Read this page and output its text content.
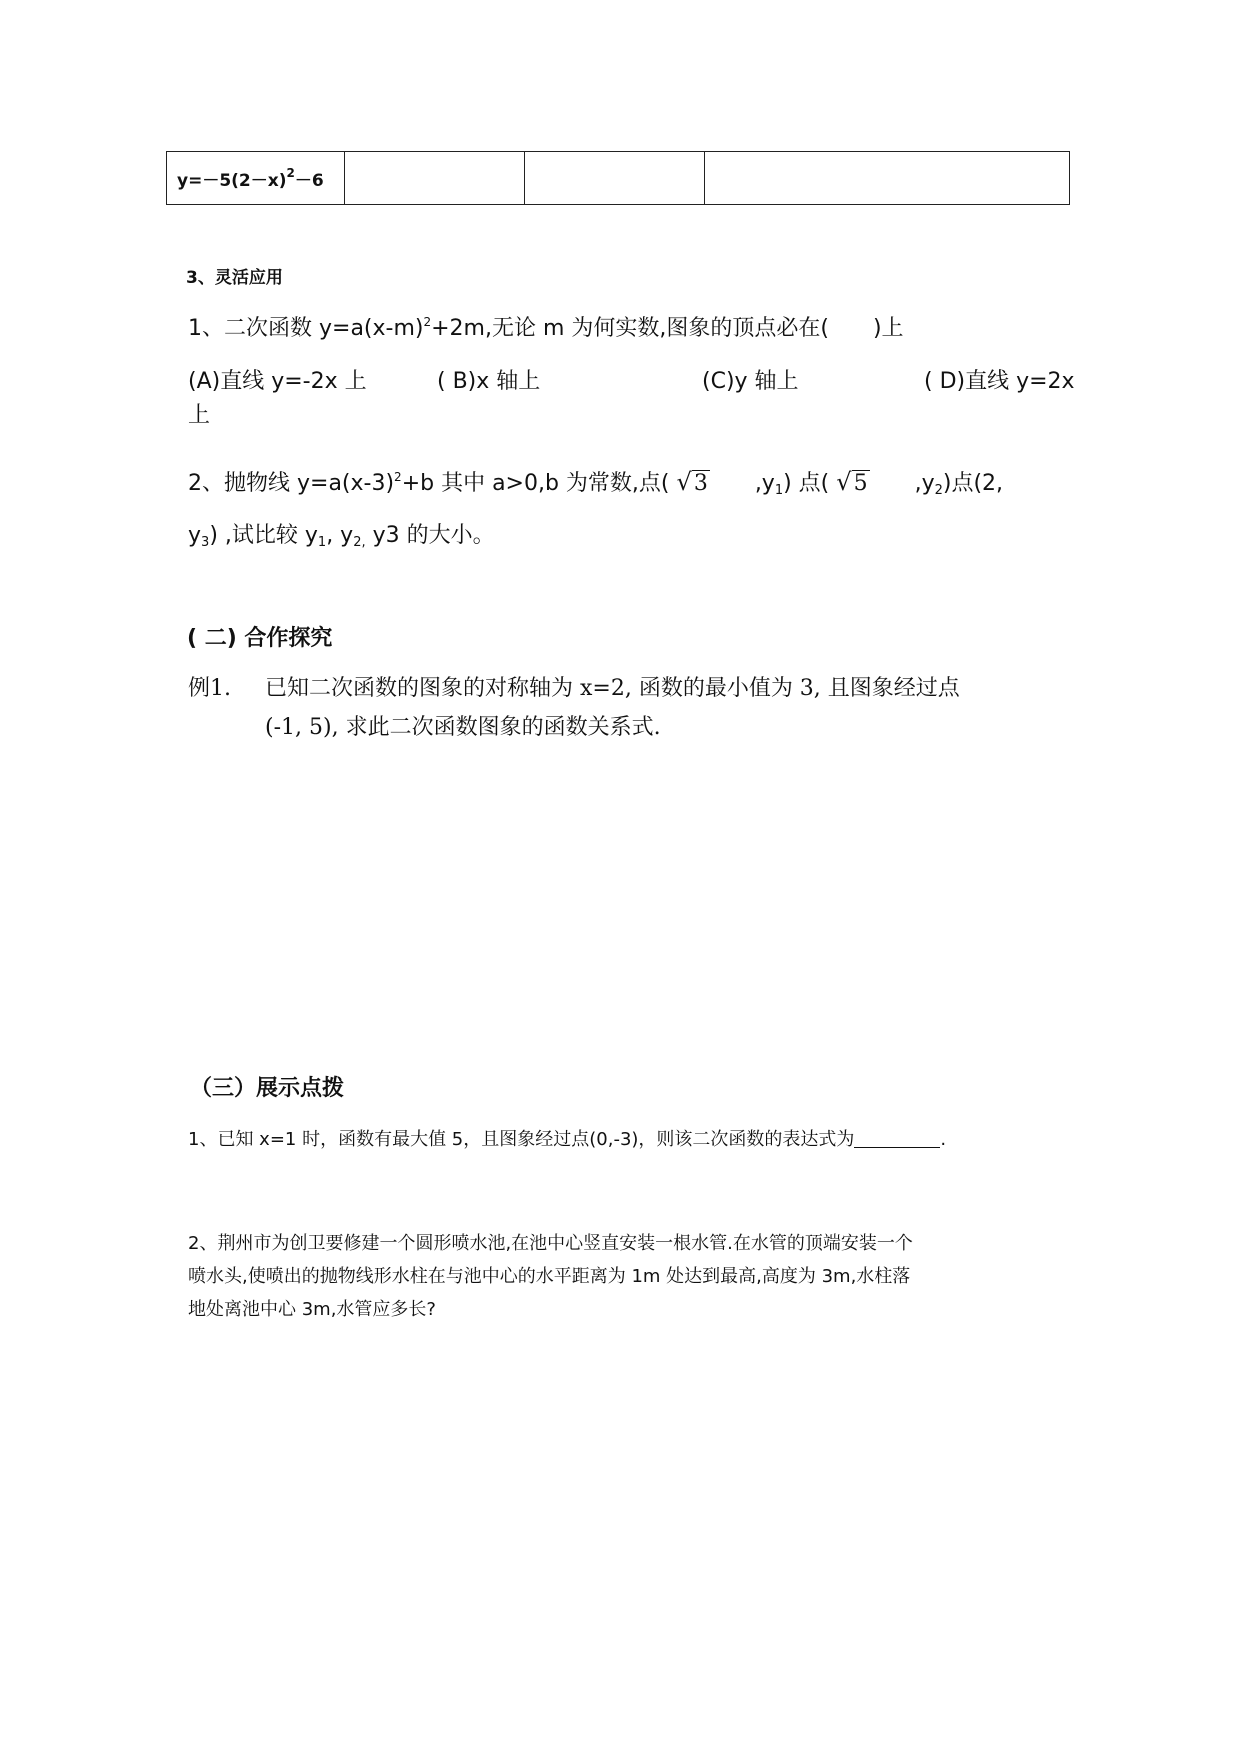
$y=-5(2-x)^2-6$			
3、灵活应用
1、二次函数 $y=a(x-m)^2+2m$,无论 m 为何实数,图象的顶点必在(　　)上
(A)直线 y=-2x 上	( B)x 轴上	(C)y 轴上	( D)直线 y=2x
上
2、抛物线 $y=a(x-3)^2+b$ 其中 a>0,b 为常数,点( √3 $,y_1$) 点( √5 $,y_2$)点(2,
$y_3$) ,试比较 $y_1$, $y_{2,}$ y3 的大小。
( 二) 合作探究
例1. 已知二次函数的图象的对称轴为 x=2, 函数的最小值为 3, 且图象经过点
(-1, 5), 求此二次函数图象的函数关系式.
（三）展示点拨
1、已知 x=1 时，函数有最大值 5，且图象经过点(0,-3)，则该二次函数的表达式为	.
2、荆州市为创卫要修建一个圆形喷水池,在池中心竖直安装一根水管.在水管的顶端安装一个
喷水头,使喷出的抛物线形水柱在与池中心的水平距离为 1m 处达到最高,高度为 3m,水柱落
地处离池中心 3m,水管应多长?
